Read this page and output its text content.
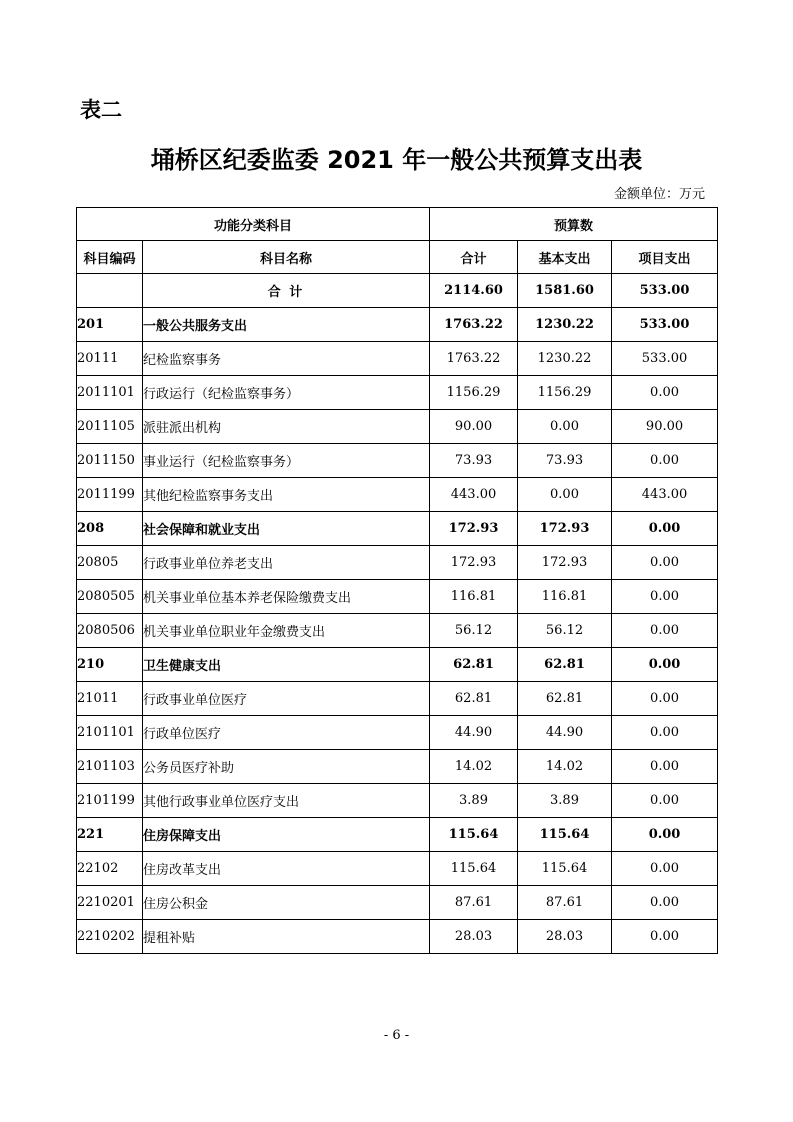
表二
埇桥区纪委监委 2021 年一般公共预算支出表
金额单位：万元
功能分类科目		预算数		
科目编码	科目名称	合计	基本支出	项目支出
	合 计	2114.60	1581.60	533.00
201	一般公共服务支出	1763.22	1230.22	533.00
20111	纪检监察事务	1763.22	1230.22	533.00
2011101	行政运行（纪检监察事务）	1156.29	1156.29	0.00
2011105	派驻派出机构	90.00	0.00	90.00
2011150	事业运行（纪检监察事务）	73.93	73.93	0.00
2011199	其他纪检监察事务支出	443.00	0.00	443.00
208	社会保障和就业支出	172.93	172.93	0.00
20805	行政事业单位养老支出	172.93	172.93	0.00
2080505	机关事业单位基本养老保险缴费支出	116.81	116.81	0.00
2080506	机关事业单位职业年金缴费支出	56.12	56.12	0.00
210	卫生健康支出	62.81	62.81	0.00
21011	行政事业单位医疗	62.81	62.81	0.00
2101101	行政单位医疗	44.90	44.90	0.00
2101103	公务员医疗补助	14.02	14.02	0.00
2101199	其他行政事业单位医疗支出	3.89	3.89	0.00
221	住房保障支出	115.64	115.64	0.00
22102	住房改革支出	115.64	115.64	0.00
2210201	住房公积金	87.61	87.61	0.00
2210202	提租补贴	28.03	28.03	0.00
- 6 -
